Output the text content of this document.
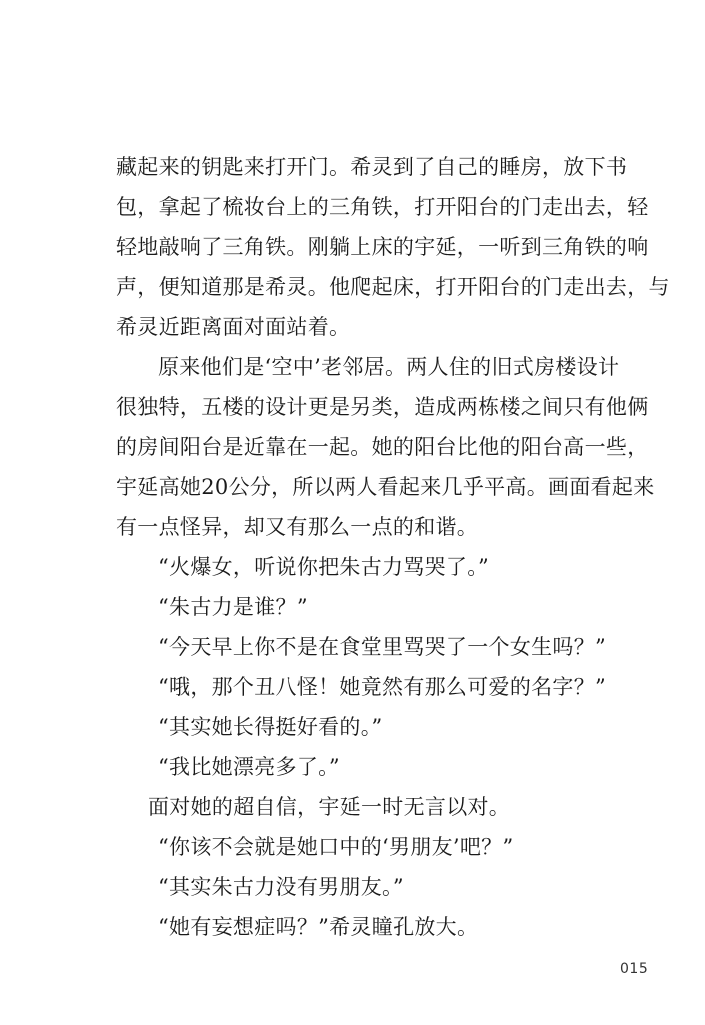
藏起来的钥匙来打开门。希灵到了自己的睡房，放下书
包，拿起了梳妆台上的三角铁，打开阳台的门走出去，轻
轻地敲响了三角铁。刚躺上床的宇延，一听到三角铁的响
声，便知道那是希灵。他爬起床，打开阳台的门走出去，与
希灵近距离面对面站着。
原来他们是‘空中’老邻居。两人住的旧式房楼设计
很独特，五楼的设计更是另类，造成两栋楼之间只有他俩
的房间阳台是近靠在一起。她的阳台比他的阳台高一些，
宇延高她20公分，所以两人看起来几乎平高。画面看起来
有一点怪异，却又有那么一点的和谐。
“火爆女，听说你把朱古力骂哭了。”
“朱古力是谁？”
“今天早上你不是在食堂里骂哭了一个女生吗？”
“哦，那个丑八怪！她竟然有那么可爱的名字？”
“其实她长得挺好看的。”
“我比她漂亮多了。”
面对她的超自信，宇延一时无言以对。
“你该不会就是她口中的‘男朋友’吧？”
“其实朱古力没有男朋友。”
“她有妄想症吗？”希灵瞳孔放大。
015
